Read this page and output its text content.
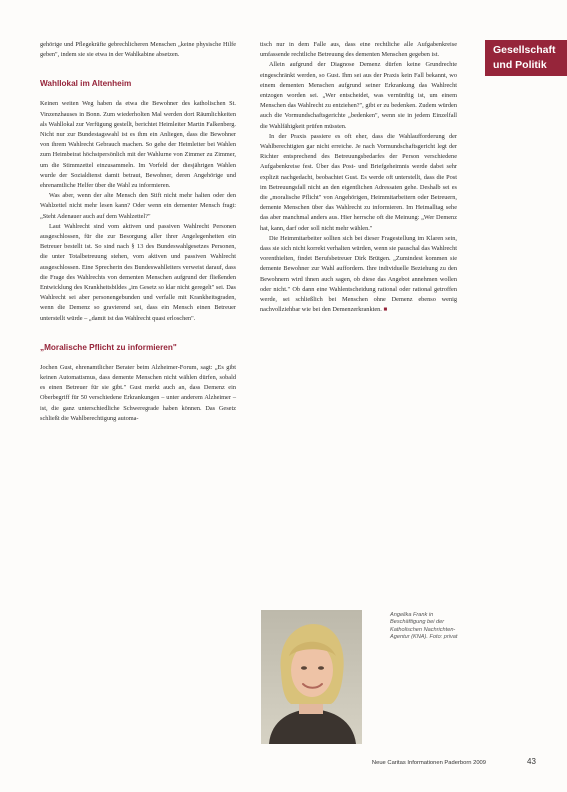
Gesellschaft
und Politik

gehörige und Pflegekräfte gebrechlicheren Menschen „keine physische Hilfe geben", indem sie sie etwa in der Wahlkabine absetzen.

Wahllokal im Altenheim

Keinen weiten Weg haben da etwa die Bewohner des katholischen St. Vinzenzhauses in Bonn. Zum wiederholten Mal werden dort Räumlichkeiten als Wahllokal zur Verfügung gestellt, berichtet Heimleiter Martin Falkenberg. Nicht nur zur Bundestagswahl ist es ihm ein Anliegen, dass die Bewohner von ihrem Wahlrecht Gebrauch machen. So gehe der Heimleiter bei Wahlen zum Heimbeirat höchstpersönlich mit der Wahlurne von Zimmer zu Zimmer, um die Stimmzettel einzusammeln. Im Vorfeld der diesjährigen Wahlen wurde der Sozialdienst damit betraut, Bewohner, deren Angehörige und ehrenamtliche Helfer über die Wahl zu informieren.

Was aber, wenn der alte Mensch den Stift nicht mehr halten oder den Wahlzettel nicht mehr lesen kann? Oder wenn ein dementer Mensch fragt: „Steht Adenauer auch auf dem Wahlzettel?"

Laut Wahlrecht sind vom aktiven und passiven Wahlrecht Personen ausgeschlossen, für die zur Besorgung aller ihrer Angelegenheiten ein Betreuer bestellt ist. So sind nach § 13 des Bundeswahlgesetzes Personen, die unter Totalbetreuung stehen, vom aktiven und passiven Wahlrecht ausgeschlossen. Eine Sprecherin des Bundeswahlleiters verweist darauf, dass die Frage des Wahlrechts von dementen Menschen aufgrund der fließenden Entwicklung des Krankheitsbildes „im Gesetz so klar nicht geregelt" sei. Das Wahlrecht sei aber personengebunden und verfalle mit Krankheitsgraden, wenn die Demenz so gravierend sei, dass ein Mensch einen Betreuer unterstellt würde – „damit ist das Wahlrecht quasi erloschen".

„Moralische Pflicht zu informieren"

Jochen Gust, ehrenamtlicher Berater beim Alzheimer-Forum, sagt: „Es gibt keinen Automatismus, dass demente Menschen nicht wählen dürfen, sobald es einen Betreuer für sie gibt." Gust merkt auch an, dass Demenz ein Oberbegriff für 50 verschiedene Erkrankungen – unter anderem Alzheimer – ist, die ganz unterschiedliche Schweregrade haben können. Das Gesetz schließt die Wahlberechtigung automa-

tisch nur in dem Falle aus, dass eine rechtliche alle Aufgabenkreise umfassende rechtliche Betreuung des dementen Menschen gegeben ist.

Allein aufgrund der Diagnose Demenz dürfen keine Grundrechte eingeschränkt werden, so Gust. Ihm sei aus der Praxis kein Fall bekannt, wo einem dementen Menschen aufgrund seiner Erkrankung das Wahlrecht entzogen worden sei. „Wer entscheidet, was vernünftig ist, um einem Menschen das Wahlrecht zu entziehen?", gibt er zu bedenken. Zudem würden auch die Vormundschaftsgerichte „bedenken", wenn sie in jedem Einzelfall die Wahlfähigkeit prüfen müssten.

In der Praxis passiere es oft eher, dass die Wahlaufforderung der Wahlberechtigten gar nicht erreiche. Je nach Vormundschaftsgericht legt der Richter entsprechend des Betreuungsbedarfes der Person verschiedene Aufgabenkreise fest. Über das Post- und Briefgeheimnis werde dabei sehr explizit nachgedacht, beobachtet Gust. Es werde oft unterstellt, dass die Post im Betreuungsfall nicht an den eigentlichen Adressaten gehe. Deshalb sei es die „moralische Pflicht" von Angehörigen, Heimmitarbeitern oder Betreuern, demente Menschen über das Wahlrecht zu informieren. Im Heimalltag sehe das aber manchmal anders aus. Hier herrsche oft die Meinung: „Wer Demenz hat, kann, darf oder soll nicht mehr wählen."

Die Heimmitarbeiter sollten sich bei dieser Fragestellung im Klaren sein, dass sie sich nicht korrekt verhalten würden, wenn sie pauschal das Wahlrecht vorenthielten, findet Berufsbetreuer Dirk Brütgen. „Zumindest kommen sie demente Bewohner zur Wahl auffordern. Ihre individuelle Beziehung zu den Bewohnern wird ihnen auch sagen, ob diese das Angebot annehmen wollen oder nicht." Ob dann eine Wahlentscheidung rational oder rational getroffen werde, sei schließlich bei Menschen ohne Demenz ebenso wenig nachvollziehbar wie bei den Demenzerkrankten. ■

Angelika Frank in Beschäftigung bei der Katholischen Nachrichten-Agentur (KNA). Foto: privat
Neue Caritas Informationen Paderborn 2009	43
